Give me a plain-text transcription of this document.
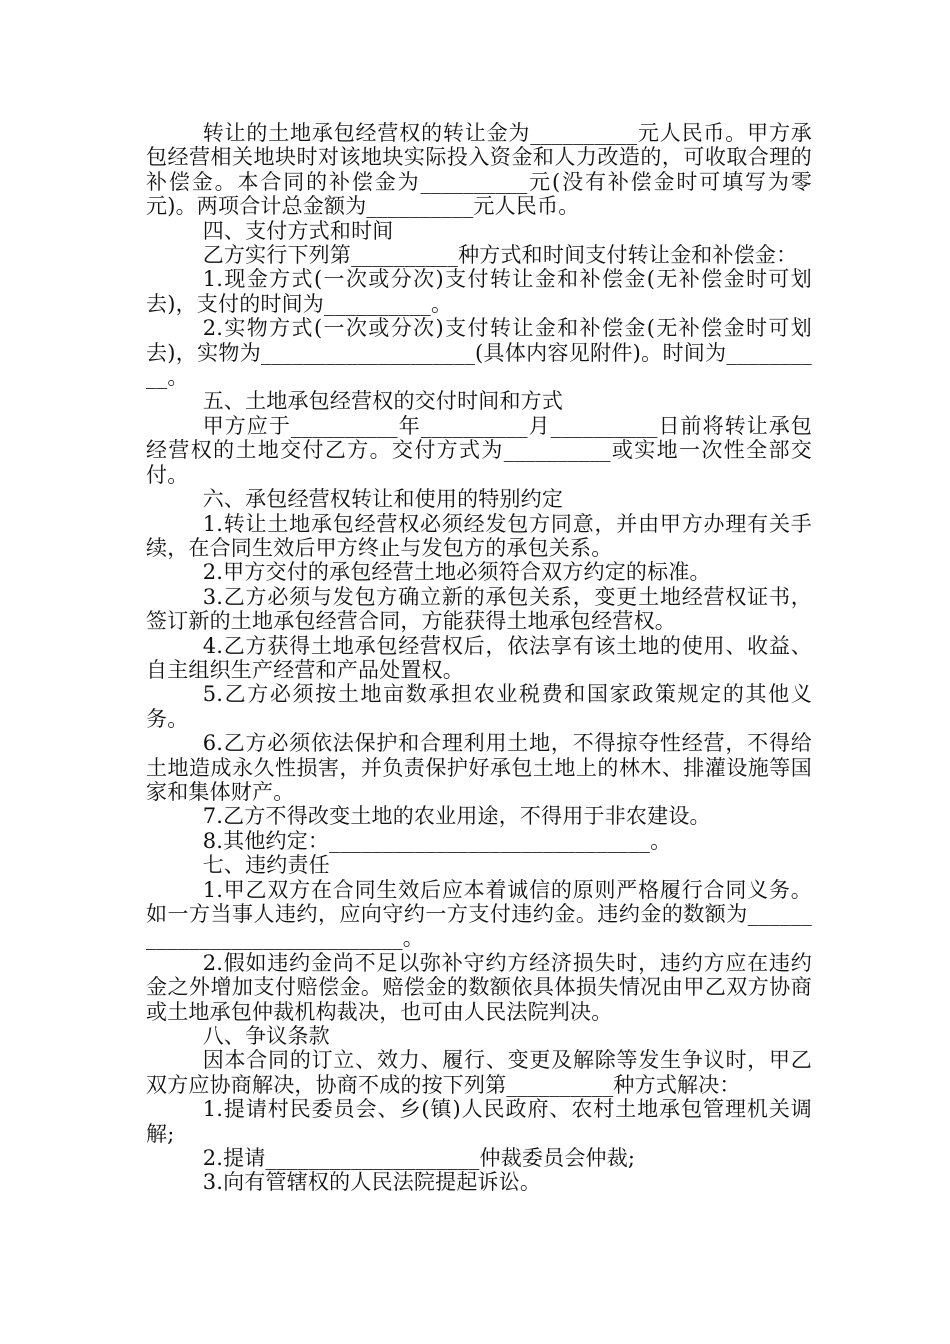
转让的土地承包经营权的转让金为__________元人民币。甲方承包经营相关地块时对该地块实际投入资金和人力改造的，可收取合理的补偿金。本合同的补偿金为__________元(没有补偿金时可填写为零元)。两项合计总金额为__________元人民币。

四、支付方式和时间

乙方实行下列第__________种方式和时间支付转让金和补偿金：

1.现金方式(一次或分次)支付转让金和补偿金(无补偿金时可划去)，支付的时间为__________。

2.实物方式(一次或分次)支付转让金和补偿金(无补偿金时可划去)，实物为____________________(具体内容见附件)。时间为__________。

五、土地承包经营权的交付时间和方式

甲方应于__________年__________月__________日前将转让承包经营权的土地交付乙方。交付方式为__________或实地一次性全部交付。

六、承包经营权转让和使用的特别约定

1.转让土地承包经营权必须经发包方同意，并由甲方办理有关手续，在合同生效后甲方终止与发包方的承包关系。

2.甲方交付的承包经营土地必须符合双方约定的标准。

3.乙方必须与发包方确立新的承包关系，变更土地经营权证书，签订新的土地承包经营合同，方能获得土地承包经营权。

4.乙方获得土地承包经营权后，依法享有该土地的使用、收益、自主组织生产经营和产品处置权。

5.乙方必须按土地亩数承担农业税费和国家政策规定的其他义务。

6.乙方必须依法保护和合理利用土地，不得掠夺性经营，不得给土地造成永久性损害，并负责保护好承包土地上的林木、排灌设施等国家和集体财产。

7.乙方不得改变土地的农业用途，不得用于非农建设。

8.其他约定：______________________________。

七、违约责任

1.甲乙双方在合同生效后应本着诚信的原则严格履行合同义务。如一方当事人违约，应向守约一方支付违约金。违约金的数额为______________________________。

2.假如违约金尚不足以弥补守约方经济损失时，违约方应在违约金之外增加支付赔偿金。赔偿金的数额依具体损失情况由甲乙双方协商或土地承包仲裁机构裁决，也可由人民法院判决。

八、争议条款

因本合同的订立、效力、履行、变更及解除等发生争议时，甲乙双方应协商解决，协商不成的按下列第__________种方式解决：

1.提请村民委员会、乡(镇)人民政府、农村土地承包管理机关调解;

2.提请____________________仲裁委员会仲裁;

3.向有管辖权的人民法院提起诉讼。
